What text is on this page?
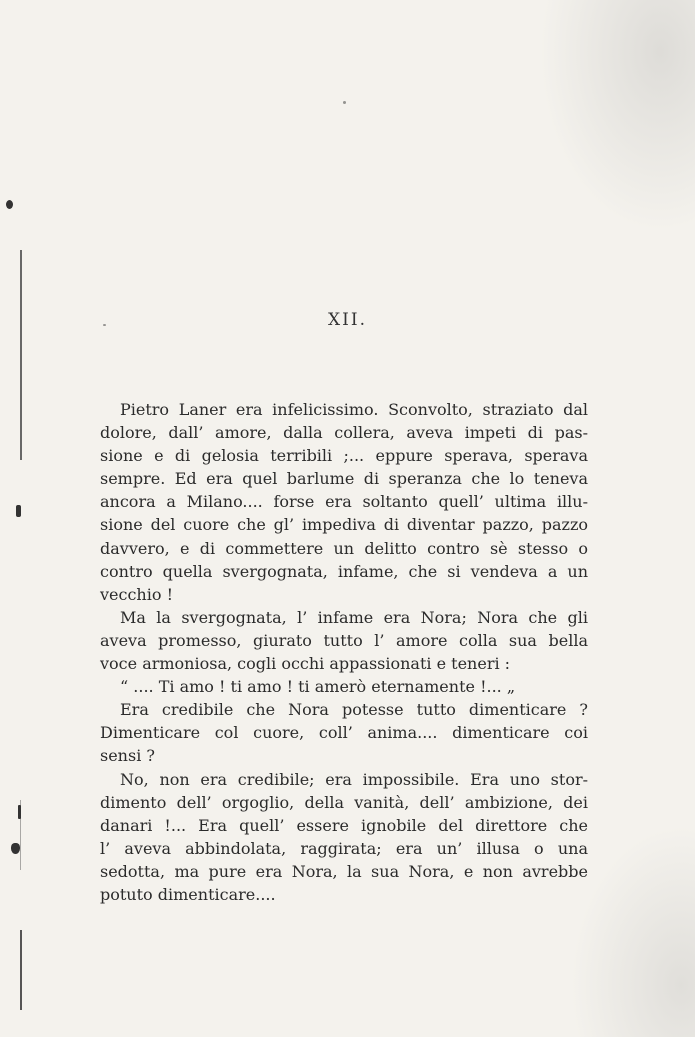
XII.
Pietro Laner era infelicissimo. Sconvolto, straziato dal
dolore, dall’ amore, dalla collera, aveva impeti di pas-
sione e di gelosia terribili ;... eppure sperava, sperava
sempre. Ed era quel barlume di speranza che lo teneva
ancora a Milano.... forse era soltanto quell’ ultima illu-
sione del cuore che gl’ impediva di diventar pazzo, pazzo
davvero, e di commettere un delitto contro sè stesso o
contro quella svergognata, infame, che si vendeva a un
vecchio !
Ma la svergognata, l’ infame era Nora; Nora che gli
aveva promesso, giurato tutto l’ amore colla sua bella
voce armoniosa, cogli occhi appassionati e teneri :
“ .... Ti amo ! ti amo ! ti amerò eternamente !... „
Era credibile che Nora potesse tutto dimenticare ?
Dimenticare col cuore, coll’ anima.... dimenticare coi
sensi ?
No, non era credibile; era impossibile. Era uno stor-
dimento dell’ orgoglio, della vanità, dell’ ambizione, dei
danari !... Era quell’ essere ignobile del direttore che
l’ aveva abbindolata, raggirata; era un’ illusa o una
sedotta, ma pure era Nora, la sua Nora, e non avrebbe
potuto dimenticare....
